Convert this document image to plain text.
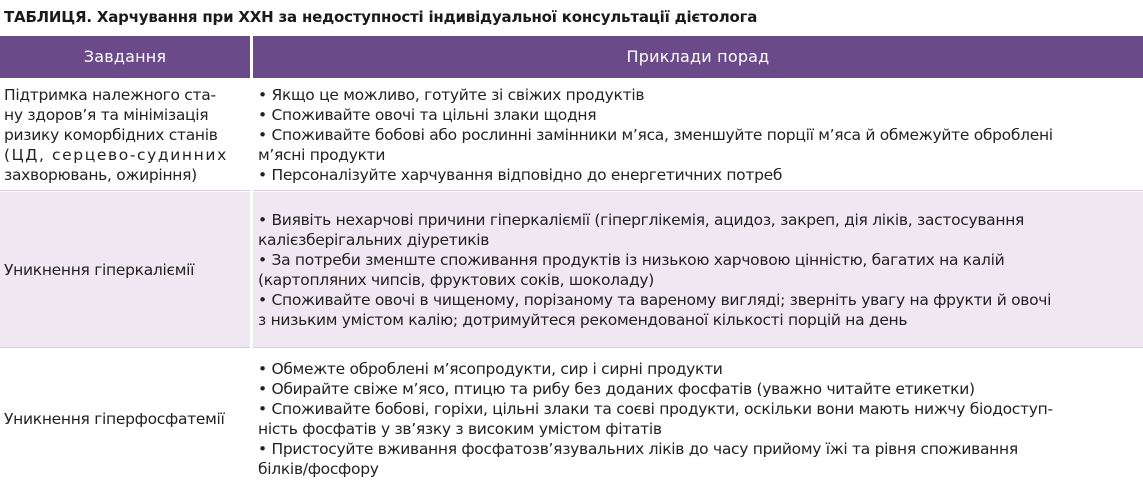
ТАБЛИЦЯ. Харчування при ХХН за недоступності індивідуальної консультації дієтолога
Завдання	Приклади порад
Підтримка належного ста-
ну здоров’я та мінімізація
ризику коморбідних станів
(ЦД, серцево-судинних
захворювань, ожиріння)
• Якщо це можливо, готуйте зі свіжих продуктів
• Споживайте овочі та цільні злаки щодня
• Споживайте бобові або рослинні замінники м’яса, зменшуйте порції м’яса й обмежуйте оброблені
м’ясні продукти
• Персоналізуйте харчування відповідно до енергетичних потреб
Уникнення гіперкаліємії
• Виявіть нехарчові причини гіперкаліємії (гіперглікемія, ацидоз, закреп, дія ліків, застосування
калієзберігальних діуретиків
• За потреби зменште споживання продуктів із низькою харчовою цінністю, багатих на калій
(картопляних чипсів, фруктових соків, шоколаду)
• Споживайте овочі в чищеному, порізаному та вареному вигляді; зверніть увагу на фрукти й овочі
з низьким умістом калію; дотримуйтеся рекомендованої кількості порцій на день
Уникнення гіперфосфатемії
• Обмежте оброблені м’ясопродукти, сир і сирні продукти
• Обирайте свіже м’ясо, птицю та рибу без доданих фосфатів (уважно читайте етикетки)
• Споживайте бобові, горіхи, цільні злаки та соєві продукти, оскільки вони мають нижчу біодоступ-
ність фосфатів у зв’язку з високим умістом фітатів
• Пристосуйте вживання фосфатозв’язувальних ліків до часу прийому їжі та рівня споживання
білків/фосфору
